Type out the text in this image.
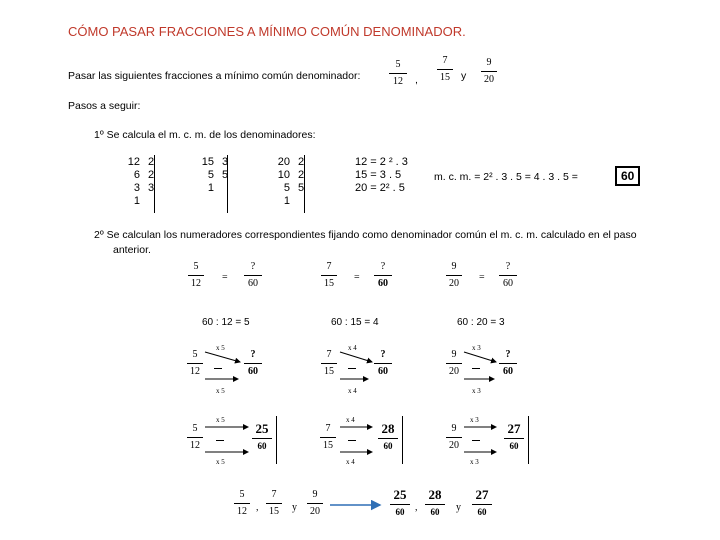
CÓMO PASAR FRACCIONES A MÍNIMO COMÚN DENOMINADOR.
Pasar las siguientes fracciones a mínimo común denominador:
5
12	,
7
15 y
9
20
Pasos a seguir:
1º Se calcula el m. c. m. de los denominadores:
12 2
6 2
3 3
1
15 3
5 5
1
20 2
10 2
5 5
1
12 = 2 ² . 3
15 = 3 . 5
20 = 2² . 5
m. c. m. = 2² . 3 . 5 = 4 . 3 . 5 =	60
2º Se calculan los numeradores correspondientes fijando como denominador común el m. c. m. calculado en el paso
anterior.
5
12
=
?
60
7
15
=
?
60
9
20
=
?
60
60 : 12 = 5	60 : 15 = 4	60 : 20 = 3
5
12
x 5
x 5
?
60
7
15
x 4
x 4
?
60
9
20
x 3
x 3
?
60
5
12
x 5
x 5
25
60
7
15
x 4
x 4
28
60
9
20
x 3
x 3
27
60
5
12 ,
7
15	y
9
20
25
60	,
28
60	y
27
60
